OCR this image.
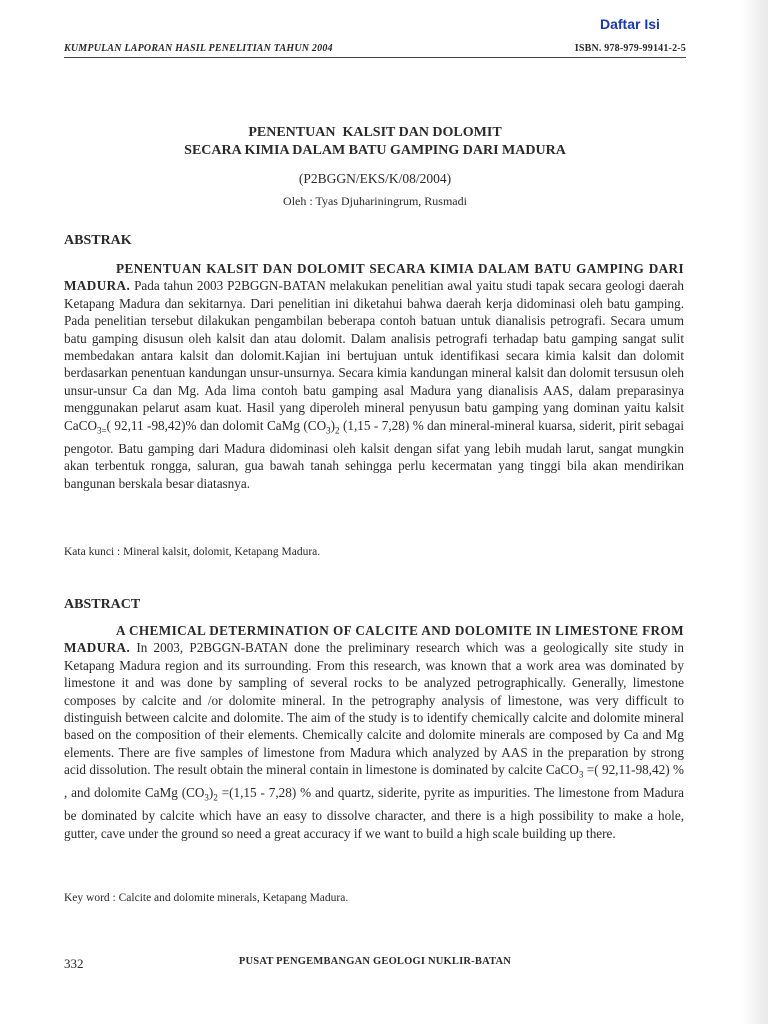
Daftar Isi
KUMPULAN LAPORAN HASIL PENELITIAN TAHUN 2004	ISBN. 978-979-99141-2-5
PENENTUAN  KALSIT DAN DOLOMIT
SECARA KIMIA DALAM BATU GAMPING DARI MADURA
(P2BGGN/EKS/K/08/2004)
Oleh : Tyas Djuhariningrum, Rusmadi
ABSTRAK

PENENTUAN KALSIT DAN DOLOMIT SECARA KIMIA DALAM BATU GAMPING DARI MADURA. Pada tahun 2003 P2BGGN-BATAN melakukan penelitian awal yaitu studi tapak secara geologi daerah Ketapang Madura dan sekitarnya. Dari penelitian ini diketahui bahwa daerah kerja didominasi oleh batu gamping. Pada penelitian tersebut dilakukan pengambilan beberapa contoh batuan untuk dianalisis petrografi. Secara umum batu gamping disusun oleh kalsit dan atau dolomit. Dalam analisis petrografi terhadap batu gamping sangat sulit membedakan antara kalsit dan dolomit.Kajian ini bertujuan untuk identifikasi secara kimia kalsit dan dolomit berdasarkan penentuan kandungan unsur-unsurnya. Secara kimia kandungan mineral kalsit dan dolomit tersusun oleh unsur-unsur Ca dan Mg. Ada lima contoh batu gamping asal Madura yang dianalisis AAS, dalam preparasinya menggunakan pelarut asam kuat. Hasil yang diperoleh mineral penyusun batu gamping yang dominan yaitu kalsit CaCO$_{3=}$( 92,11 -98,42)% dan dolomit CaMg $(CO_3)_2$ (1,15 - 7,28) % dan mineral-mineral kuarsa, siderit, pirit sebagai pengotor. Batu gamping dari Madura didominasi oleh kalsit dengan sifat yang lebih mudah larut, sangat mungkin akan terbentuk rongga, saluran, gua bawah tanah sehingga perlu kecermatan yang tinggi bila akan mendirikan bangunan berskala besar diatasnya.

Kata kunci : Mineral kalsit, dolomit, Ketapang Madura.
ABSTRACT

A CHEMICAL DETERMINATION OF CALCITE AND DOLOMITE IN LIMESTONE FROM MADURA. In 2003, P2BGGN-BATAN done the preliminary research which was a geologically site study in Ketapang Madura region and its surrounding. From this research, was known that a work area was dominated by limestone it and was done by sampling of several rocks to be analyzed petrographically. Generally, limestone composes by calcite and /or dolomite mineral. In the petrography analysis of limestone, was very difficult to distinguish between calcite and dolomite. The aim of the study is to identify chemically calcite and dolomite mineral based on the composition of their elements. Chemically calcite and dolomite minerals are composed by Ca and Mg elements. There are five samples of limestone from Madura which analyzed by AAS in the preparation by strong acid dissolution. The result obtain the mineral contain in limestone is dominated by calcite CaCO$_3$ =( 92,11-98,42) % , and dolomite CaMg $(CO_3)_2 =(1,15 - 7,28)$ % and quartz, siderite, pyrite as impurities. The limestone from Madura be dominated by calcite which have an easy to dissolve character, and there is a high possibility to make a hole, gutter, cave under the ground so need a great accuracy if we want to build a high scale building up there.

Key word : Calcite and dolomite minerals, Ketapang Madura.
332	PUSAT PENGEMBANGAN GEOLOGI NUKLIR-BATAN
